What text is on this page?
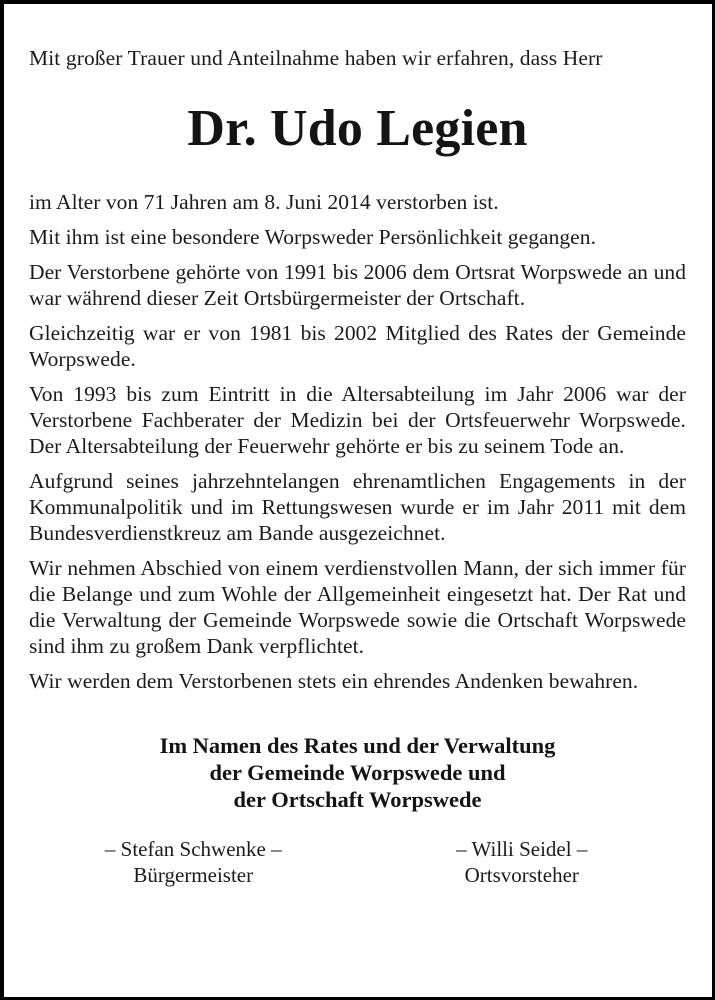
Mit großer Trauer und Anteilnahme haben wir erfahren, dass Herr

Dr. Udo Legien

im Alter von 71 Jahren am 8. Juni 2014 verstorben ist.

Mit ihm ist eine besondere Worpsweder Persönlichkeit gegangen.

Der Verstorbene gehörte von 1991 bis 2006 dem Ortsrat Worpswede an und war während dieser Zeit Ortsbürgermeister der Ortschaft.

Gleichzeitig war er von 1981 bis 2002 Mitglied des Rates der Gemeinde Worpswede.

Von 1993 bis zum Eintritt in die Altersabteilung im Jahr 2006 war der Verstorbene Fachberater der Medizin bei der Ortsfeuerwehr Worpswede. Der Altersabteilung der Feuerwehr gehörte er bis zu seinem Tode an.

Aufgrund seines jahrzehntelangen ehrenamtlichen Engagements in der Kommunalpolitik und im Rettungswesen wurde er im Jahr 2011 mit dem Bundesverdienstkreuz am Bande ausgezeichnet.

Wir nehmen Abschied von einem verdienstvollen Mann, der sich immer für die Belange und zum Wohle der Allgemeinheit eingesetzt hat. Der Rat und die Verwaltung der Gemeinde Worpswede sowie die Ortschaft Worpswede sind ihm zu großem Dank verpflichtet.

Wir werden dem Verstorbenen stets ein ehrendes Andenken bewahren.

Im Namen des Rates und der Verwaltung
der Gemeinde Worpswede und
der Ortschaft Worpswede
– Stefan Schwenke –
Bürgermeister
– Willi Seidel –
Ortsvorsteher
